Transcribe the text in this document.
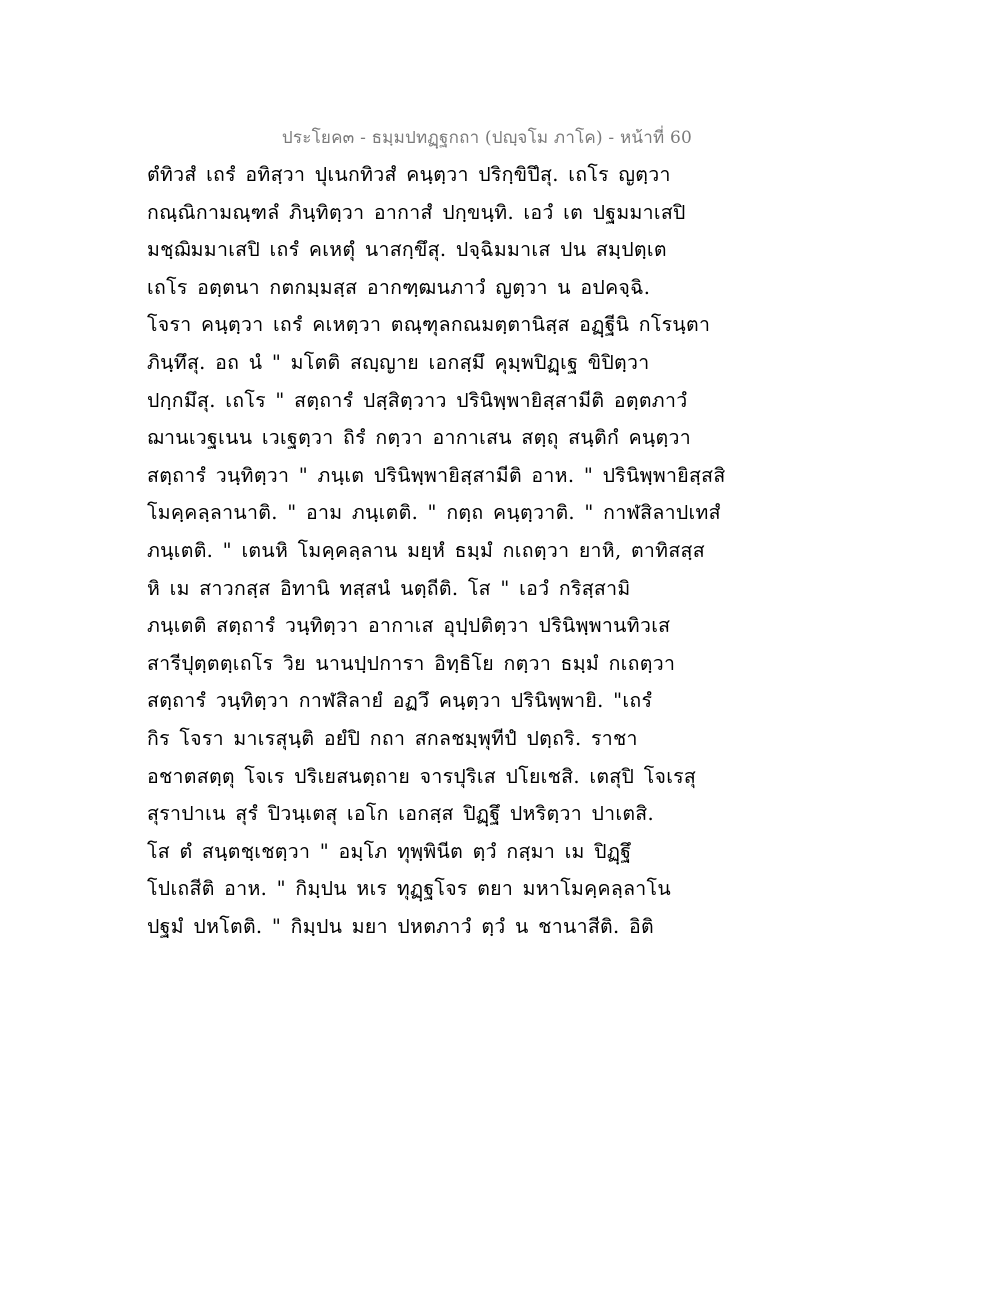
ประโยค๓ - ธมฺมปทฏฺฐกถา (ปญฺจโม ภาโค) - หน้าที่ 60
ตํทิวสํ เถรํ อทิสฺวา ปุเนกทิวสํ คนฺตฺวา ปริกฺขิปึสุ. เถโร ญตฺวา
กณฺณิกามณฺฑลํ ภินฺทิตฺวา อากาสํ ปกฺขนฺทิ. เอวํ เต ปฐมมาเสปิ
มชฺฌิมมาเสปิ เถรํ คเหตุํ นาสกฺขึสุ. ปจฺฉิมมาเส ปน สมฺปตฺเต
เถโร อตฺตนา กตกมฺมสฺส อากฑฺฒนภาวํ ญตฺวา น อปคจฺฉิ.
โจรา คนฺตฺวา เถรํ คเหตฺวา ตณฺฑุลกณมตฺตานิสฺส อฏฺฐีนิ กโรนฺตา
ภินฺทึสุ. อถ นํ " มโตติ สญฺญาย เอกสฺมึ คุมฺพปิฏฺเฐ ขิปิตฺวา
ปกฺกมึสุ. เถโร " สตฺถารํ ปสฺสิตฺวาว ปรินิพฺพายิสฺสามีติ อตฺตภาวํ
ฌานเวฐเนน เวเฐตฺวา ถิรํ กตฺวา อากาเสน สตฺถุ สนฺติกํ คนฺตฺวา
สตฺถารํ วนฺทิตฺวา " ภนฺเต ปรินิพฺพายิสฺสามีติ อาห. " ปรินิพฺพายิสฺสสิ
โมคฺคลฺลานาติ. " อาม ภนฺเตติ. " กตฺถ คนฺตฺวาติ. " กาฬสิลาปเทสํ
ภนฺเตติ. " เตนหิ โมคฺคลฺลาน มยฺหํ ธมฺมํ กเถตฺวา ยาหิ, ตาทิสสฺส
หิ เม สาวกสฺส อิทานิ ทสฺสนํ นตฺถีติ. โส " เอวํ กริสฺสามิ
ภนฺเตติ สตฺถารํ วนฺทิตฺวา อากาเส อุปฺปติตฺวา ปรินิพฺพานทิวเส
สารีปุตฺตตฺเถโร วิย นานปฺปการา อิทฺธิโย กตฺวา ธมฺมํ กเถตฺวา
สตฺถารํ วนฺทิตฺวา กาฬสิลายํ อฏวึ คนฺตฺวา ปรินิพฺพายิ. "เถรํ
กิร โจรา มาเรสุนฺติ อยํปิ กถา สกลชมฺพุทีปํ ปตฺถริ. ราชา
อชาตสตฺตุ โจเร ปริเยสนตฺถาย จารปุริเส ปโยเชสิ. เตสุปิ โจเรสุ
สุราปาเน สุรํ ปิวนฺเตสุ เอโก เอกสฺส ปิฏฺฐึ ปหริตฺวา ปาเตสิ.
โส ตํ สนฺตชฺเชตฺวา " อมฺโภ ทุพฺพินีต ตฺวํ กสฺมา เม ปิฏฺฐึ
โปเถสีติ อาห. " กิมฺปน หเร ทุฏฺฐโจร ตยา มหาโมคฺคลฺลาโน
ปฐมํ ปหโตติ. " กิมฺปน มยา ปหตภาวํ ตฺวํ น ชานาสีติ. อิติ
